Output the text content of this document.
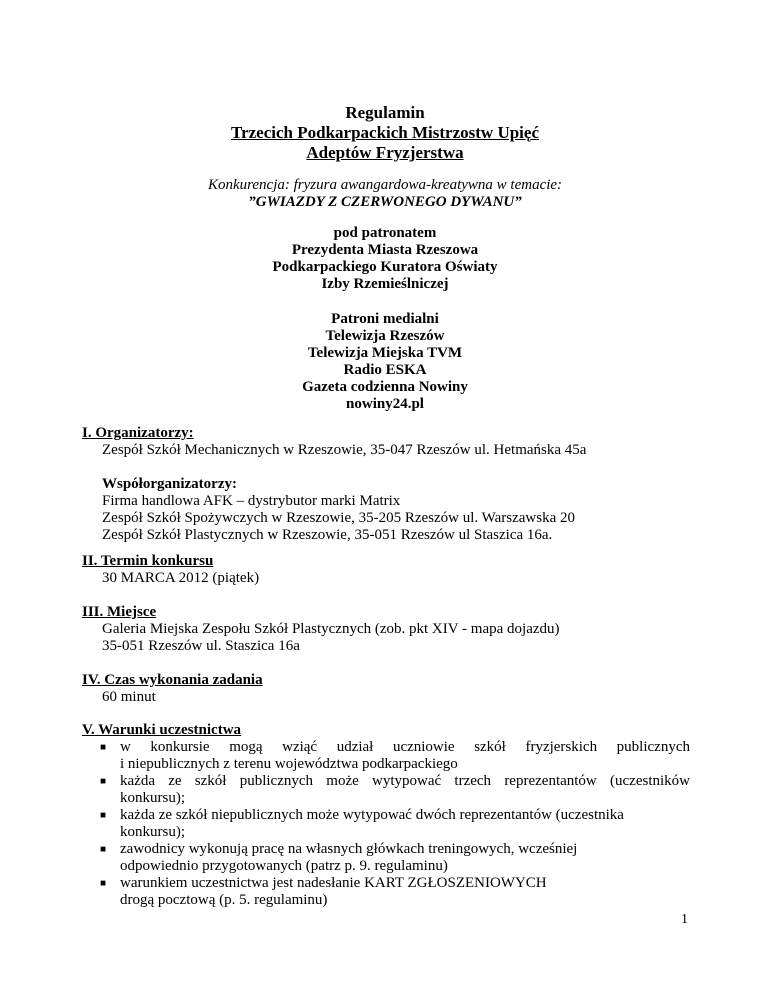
Regulamin
Trzecich Podkarpackich Mistrzostw Upięć
Adeptów Fryzjerstwa
Konkurencja: fryzura awangardowa-kreatywna w temacie:
”GWIAZDY Z CZERWONEGO DYWANU”
pod patronatem
Prezydenta Miasta Rzeszowa
Podkarpackiego Kuratora Oświaty
Izby Rzemieślniczej
Patroni medialni
Telewizja Rzeszów
Telewizja Miejska TVM
Radio ESKA
Gazeta codzienna Nowiny
nowiny24.pl
I. Organizatorzy:
Zespół Szkół Mechanicznych w Rzeszowie, 35-047 Rzeszów ul. Hetmańska 45a
Współorganizatorzy:
Firma handlowa AFK – dystrybutor marki Matrix
Zespół Szkół Spożywczych w Rzeszowie, 35-205 Rzeszów ul. Warszawska 20
Zespół Szkół Plastycznych w Rzeszowie, 35-051 Rzeszów ul Staszica 16a.
II. Termin konkursu
30 MARCA 2012 (piątek)
III. Miejsce
Galeria Miejska Zespołu Szkół Plastycznych (zob. pkt XIV - mapa dojazdu)
35-051 Rzeszów ul. Staszica 16a
IV. Czas wykonania zadania
60 minut
V. Warunki uczestnictwa
■ w konkursie mogą wziąć udział uczniowie szkół fryzjerskich publicznych
i niepublicznych z terenu województwa podkarpackiego
■ każda ze szkół publicznych może wytypować trzech reprezentantów (uczestników
konkursu);
■ każda ze szkół niepublicznych może wytypować dwóch reprezentantów (uczestnika
konkursu);
■ zawodnicy wykonują pracę na własnych główkach treningowych, wcześniej
odpowiednio przygotowanych (patrz p. 9. regulaminu)
■ warunkiem uczestnictwa jest nadesłanie KART ZGŁOSZENIOWYCH
drogą pocztową (p. 5. regulaminu)
1
